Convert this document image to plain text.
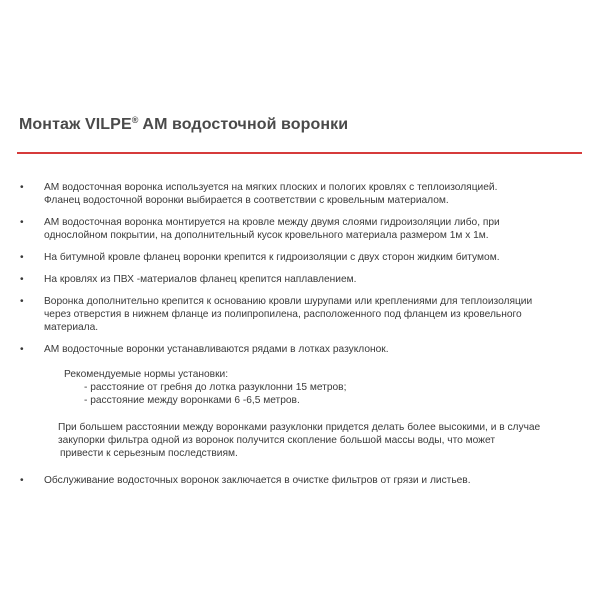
Монтаж VILPE® AM водосточной воронки
•	АМ водосточная воронка используется на мягких плоских и пологих кровлях с теплоизоляцией.

Фланец водосточной воронки выбирается в соответствии с кровельным материалом.

•	АМ водосточная воронка монтируется на кровле между двумя слоями гидроизоляции либо, при

однослойном покрытии, на дополнительный кусок кровельного материала размером 1м х 1м.

•	На битумной кровле фланец воронки крепится к гидроизоляции с двух сторон жидким битумом.

•	На кровлях из ПВХ -материалов фланец крепится наплавлением.

•	Воронка дополнительно крепится к основанию кровли шурупами или креплениями для теплоизоляции

через отверстия в нижнем фланце из полипропилена, расположенного под фланцем из кровельного

материала.

•	АМ водосточные воронки устанавливаются рядами в лотках разуклонок.

Рекомендуемые нормы установки:
- расстояние от гребня до лотка разуклонни 15 метров;
- расстояние между воронками 6 -6,5 метров.
При большем расстоянии между воронками разуклонки придется делать более высокими, и в случае
закупорки фильтра одной из воронок получится скопление большой массы воды, что может
привести к серьезным последствиям.
•	Обслуживание водосточных воронок заключается в очистке фильтров от грязи и листьев.
